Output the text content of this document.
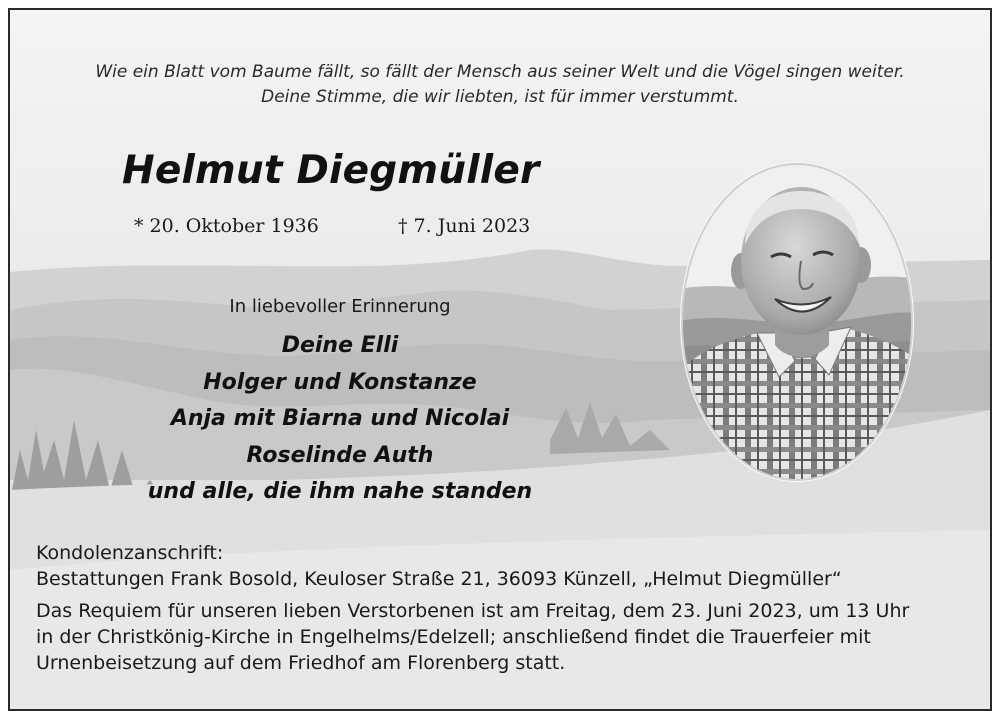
Wie ein Blatt vom Baume fällt, so fällt der Mensch aus seiner Welt und die Vögel singen weiter.
Deine Stimme, die wir liebten, ist für immer verstummt.
Helmut Diegmüller
* 20. Oktober 1936	† 7. Juni 2023
In liebevoller Erinnerung
Deine Elli
Holger und Konstanze
Anja mit Biarna und Nicolai
Roselinde Auth
und alle, die ihm nahe standen

Kondolenzanschrift:

Bestattungen Frank Bosold, Keuloser Straße 21, 36093 Künzell, „Helmut Diegmüller“

Das Requiem für unseren lieben Verstorbenen ist am Freitag, dem 23. Juni 2023, um 13 Uhr

in der Christkönig-Kirche in Engelhelms/Edelzell; anschließend findet die Trauerfeier mit

Urnenbeisetzung auf dem Friedhof am Florenberg statt.
